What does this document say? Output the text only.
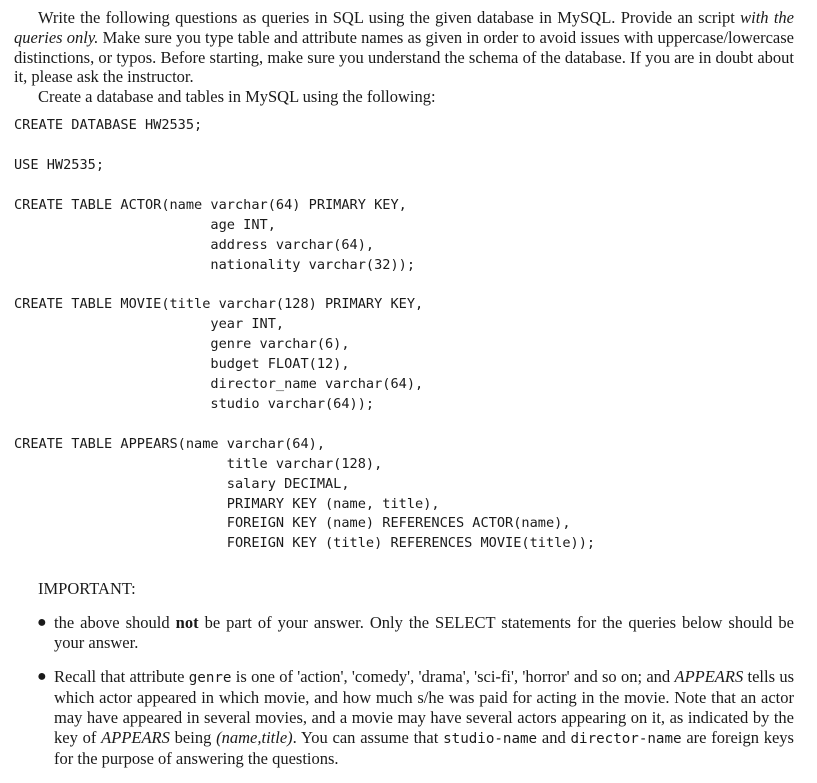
Write the following questions as queries in SQL using the given database in MySQL. Provide an script with the queries only. Make sure you type table and attribute names as given in order to avoid issues with uppercase/lowercase distinctions, or typos. Before starting, make sure you understand the schema of the database. If you are in doubt about it, please ask the instructor.

Create a database and tables in MySQL using the following:

CREATE DATABASE HW2535;
USE HW2535;
CREATE TABLE ACTOR(name varchar(64) PRIMARY KEY,
age INT,
address varchar(64),
nationality varchar(32));
CREATE TABLE MOVIE(title varchar(128) PRIMARY KEY,
year INT,
genre varchar(6),
budget FLOAT(12),
director_name varchar(64),
studio varchar(64));
CREATE TABLE APPEARS(name varchar(64),
title varchar(128),
salary DECIMAL,
PRIMARY KEY (name, title),
FOREIGN KEY (name) REFERENCES ACTOR(name),
FOREIGN KEY (title) REFERENCES MOVIE(title));
IMPORTANT:
● the above should not be part of your answer. Only the SELECT statements for the queries below should be your answer.
● Recall that attribute genre is one of 'action', 'comedy', 'drama', 'sci-fi', 'horror' and so on; and APPEARS tells us which actor appeared in which movie, and how much s/he was paid for acting in the movie. Note that an actor may have appeared in several movies, and a movie may have several actors appearing on it, as indicated by the key of APPEARS being (name,title). You can assume that studio-name and director-name are foreign keys for the purpose of answering the questions.
